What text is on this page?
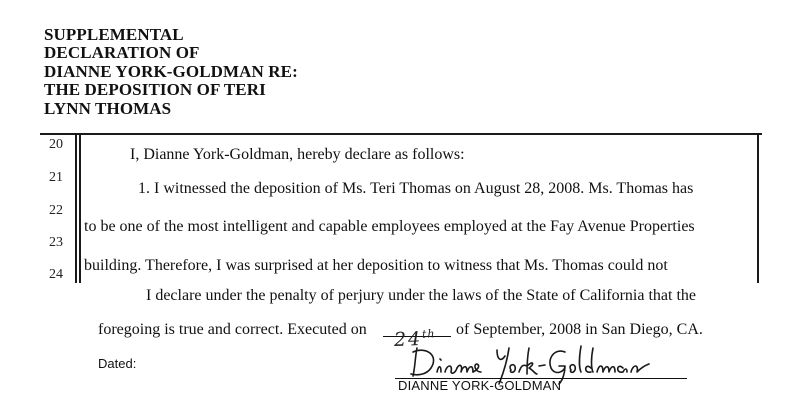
SUPPLEMENTAL
DECLARATION OF
DIANNE YORK-GOLDMAN RE:
THE DEPOSITION OF TERI
LYNN THOMAS
20
21
22
23
24
I, Dianne York-Goldman, hereby declare as follows:
1. I witnessed the deposition of Ms. Teri Thomas on August 28, 2008. Ms. Thomas has
to be one of the most intelligent and capable employees employed at the Fay Avenue Properties
building. Therefore, I was surprised at her deposition to witness that Ms. Thomas could not
I declare under the penalty of perjury under the laws of the State of California that the
foregoing is true and correct. Executed on 24th of September, 2008 in San Diego, CA.
Dated:
DIANNE YORK-GOLDMAN
